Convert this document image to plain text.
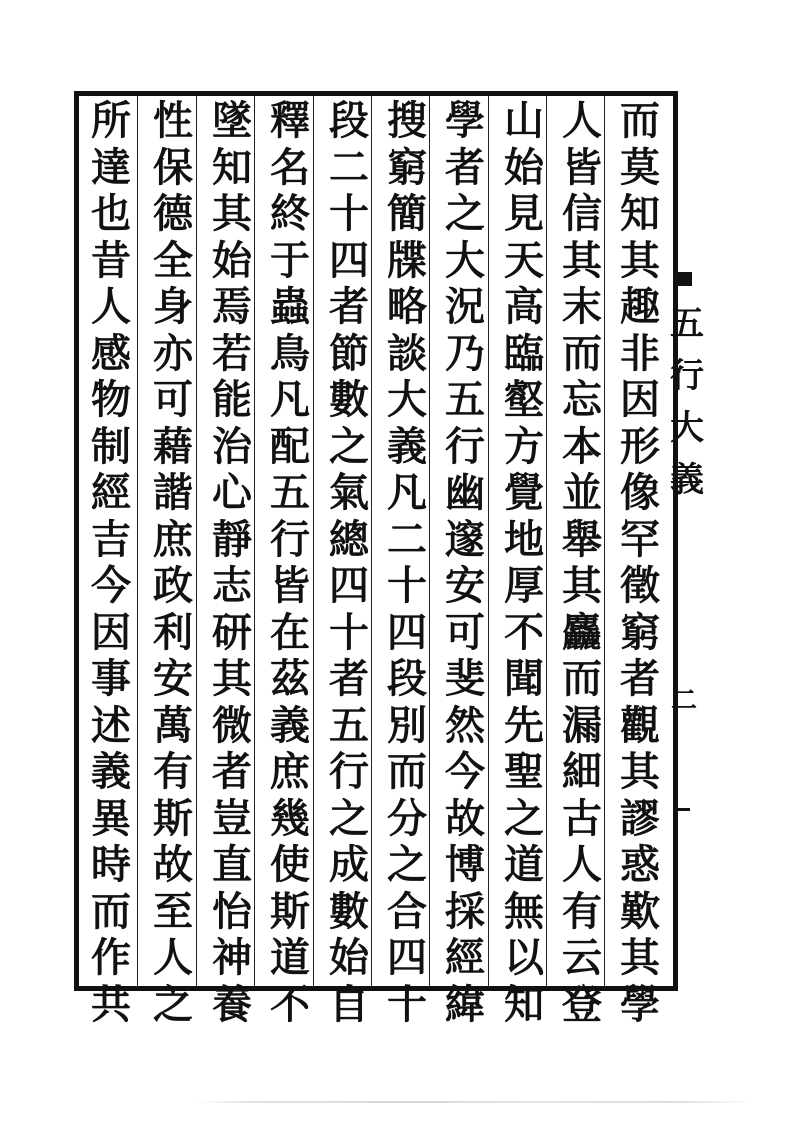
五
行
大
義
二
而
莫
知
其
趣
非
因
形
像
罕
徵
窮
者
觀
其
謬
惑
歎
其
學
人
皆
信
其
末
而
忘
本
並
舉
其
麤
而
漏
細
古
人
有
云
登
山
始
見
天
高
臨
壑
方
覺
地
厚
不
聞
先
聖
之
道
無
以
知
學
者
之
大
況
乃
五
行
幽
邃
安
可
斐
然
今
故
博
採
經
緯
搜
窮
簡
牒
略
談
大
義
凡
二
十
四
段
別
而
分
之
合
四
十
段
二
十
四
者
節
數
之
氣
總
四
十
者
五
行
之
成
數
始
自
釋
名
終
于
蟲
鳥
凡
配
五
行
皆
在
茲
義
庶
幾
使
斯
道
不
墜
知
其
始
焉
若
能
治
心
靜
志
研
其
微
者
豈
直
怡
神
養
性
保
德
全
身
亦
可
藉
諧
庶
政
利
安
萬
有
斯
故
至
人
之
所
達
也
昔
人
感
物
制
經
吉
今
因
事
述
義
異
時
而
作
共
